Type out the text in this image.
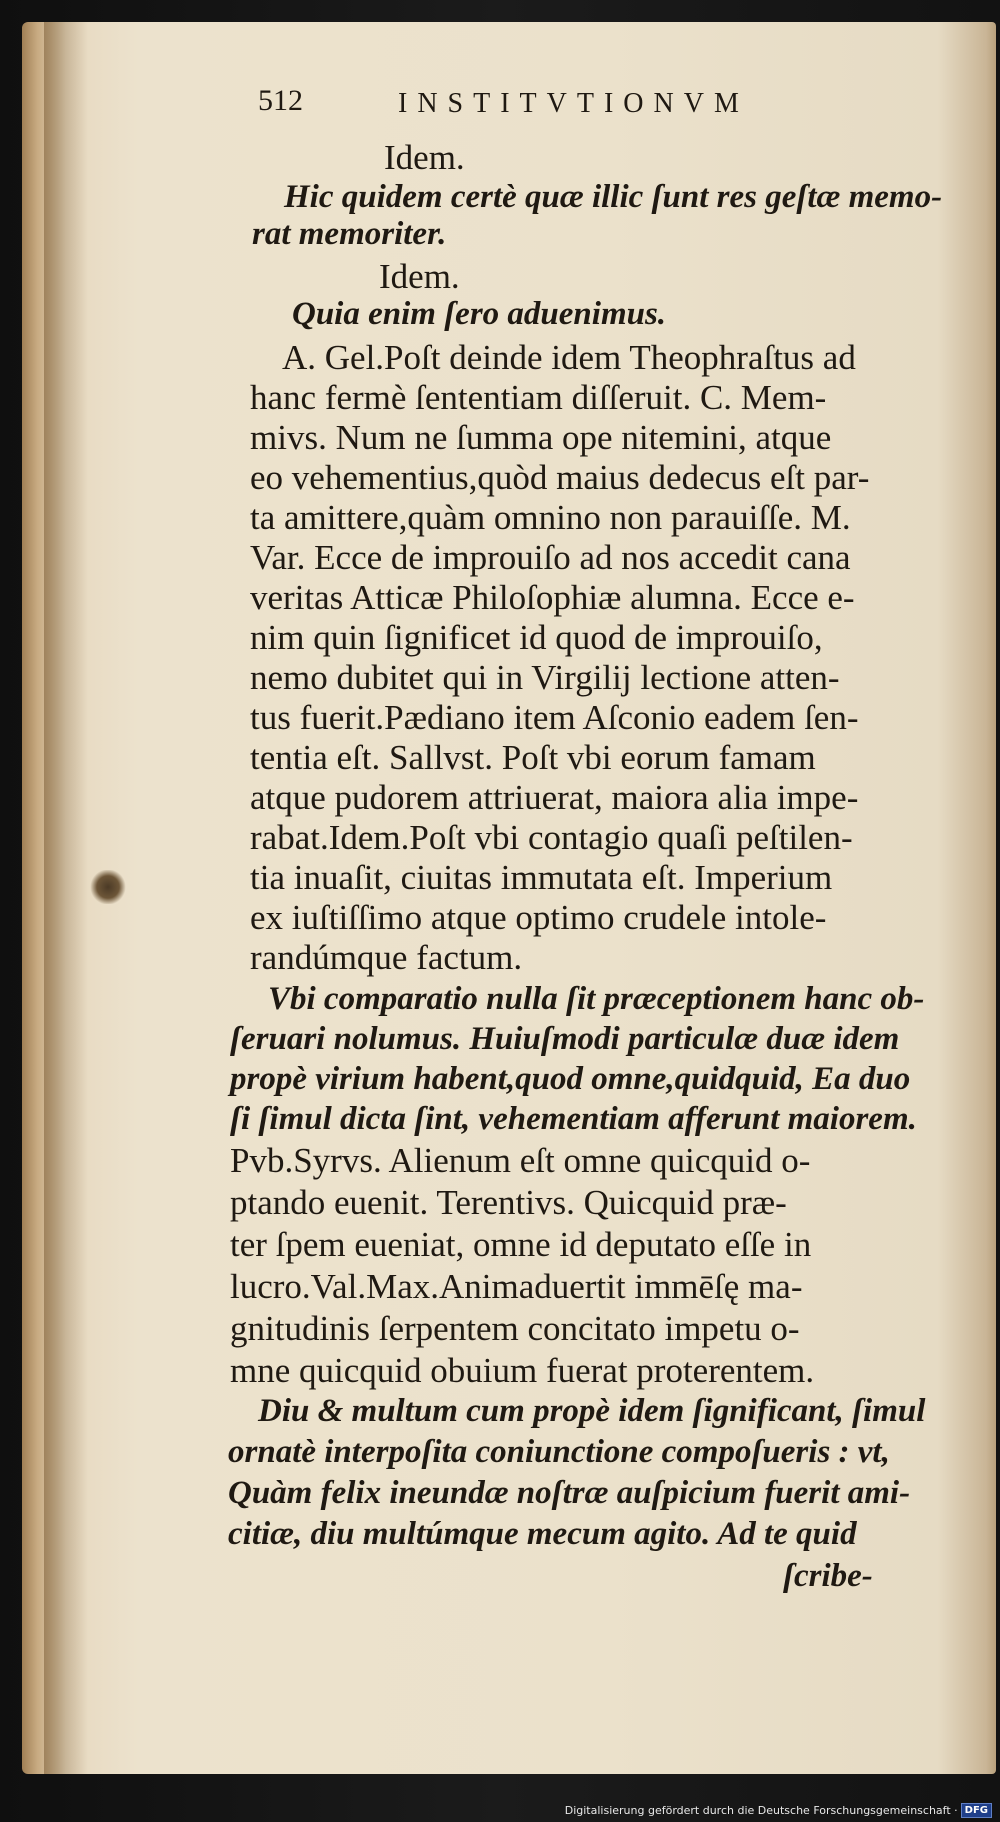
512	INSTITVTIONVM
Idem.
Hic quidem certè quæ illic ſunt res geſtæ memo-
rat memoriter.
Idem.
Quia enim ſero aduenimus.
A. Gel.Poſt deinde idem Theophraſtus ad
hanc fermè ſententiam diſſeruit. C. Mem-
mivs. Num ne ſumma ope nitemini, atque
eo vehementius,quòd maius dedecus eſt par-
ta amittere,quàm omnino non parauiſſe. M.
Var. Ecce de improuiſo ad nos accedit cana
veritas Atticæ Philoſophiæ alumna. Ecce e-
nim quin ſignificet id quod de improuiſo,
nemo dubitet qui in Virgilij lectione atten-
tus fuerit.Pædiano item Aſconio eadem ſen-
tentia eſt. Sallvst. Poſt vbi eorum famam
atque pudorem attriuerat, maiora alia impe-
rabat.Idem.Poſt vbi contagio quaſi peſtilen-
tia inuaſit, ciuitas immutata eſt. Imperium
ex iuſtiſſimo atque optimo crudele intole-
randúmque factum.
Vbi comparatio nulla ſit præceptionem hanc ob-
ſeruari nolumus. Huiuſmodi particulæ duæ idem
propè virium habent,quod omne,quidquid, Ea duo
ſi ſimul dicta ſint, vehementiam afferunt maiorem.
Pvb.Syrvs. Alienum eſt omne quicquid o-
ptando euenit. Terentivs. Quicquid præ-
ter ſpem eueniat, omne id deputato eſſe in
lucro.Val.Max.Animaduertit immēſę ma-
gnitudinis ſerpentem concitato impetu o-
mne quicquid obuium fuerat proterentem.
Diu & multum cum propè idem ſignificant, ſimul
ornatè interpoſita coniunctione compoſueris : vt,
Quàm felix ineundæ noſtræ auſpicium fuerit ami-
citiæ, diu multúmque mecum agito. Ad te quid
ſcribe-
Digitalisierung gefördert durch die Deutsche Forschungsgemeinschaft · DFG
